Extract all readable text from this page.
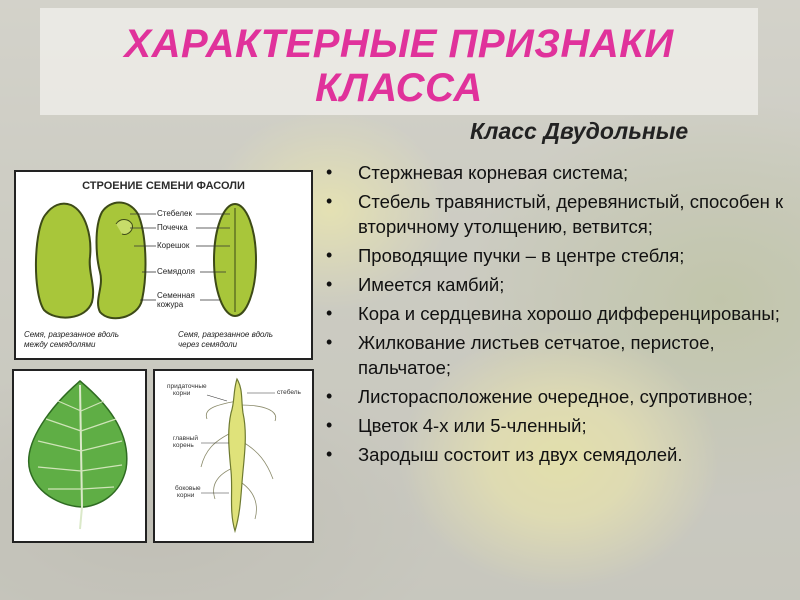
ХАРАКТЕРНЫЕ ПРИЗНАКИ
КЛАССА
Класс Двудольные
• Стержневая корневая система;
• Стебель травянистый, деревянистый, способен к вторичному утолщению, ветвится;
• Проводящие пучки – в центре стебля;
• Имеется камбий;
• Кора и сердцевина хорошо дифференцированы;
• Жилкование листьев сетчатое, перистое, пальчатое;
• Листорасположение очередное, супротивное;
• Цветок 4-х или 5-членный;
• Зародыш состоит из двух семядолей.
СТРОЕНИЕ СЕМЕНИ ФАСОЛИ
Стебелек
Почечка
Корешок
Семядоля
Семенная
кожура
Семя, разрезанное вдоль
между семядолями
Семя, разрезанное вдоль
через семядоли
придаточные
корни	стебель
главный
корень
боковые
корни
